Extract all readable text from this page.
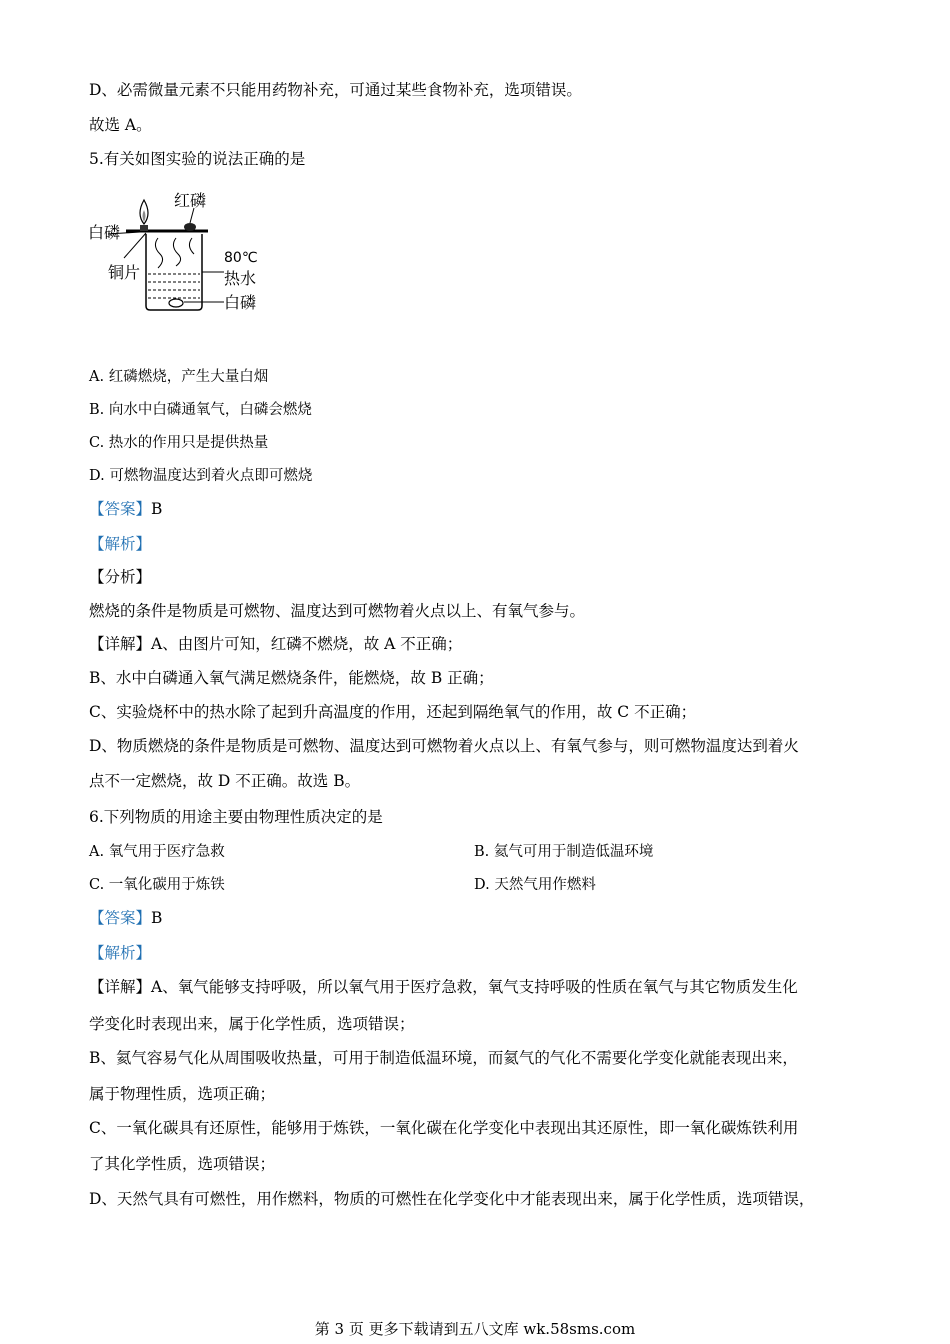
D、必需微量元素不只能用药物补充，可通过某些食物补充，选项错误。
故选 A。
5.有关如图实验的说法正确的是
红磷
白磷
铜片
80℃
热水
白磷
A. 红磷燃烧，产生大量白烟
B. 向水中白磷通氧气，白磷会燃烧
C. 热水的作用只是提供热量
D. 可燃物温度达到着火点即可燃烧
【答案】B
【解析】
【分析】
燃烧的条件是物质是可燃物、温度达到可燃物着火点以上、有氧气参与。
【详解】A、由图片可知，红磷不燃烧，故 A 不正确；
B、水中白磷通入氧气满足燃烧条件，能燃烧，故 B 正确；
C、实验烧杯中的热水除了起到升高温度的作用，还起到隔绝氧气的作用，故 C 不正确；
D、物质燃烧的条件是物质是可燃物、温度达到可燃物着火点以上、有氧气参与，则可燃物温度达到着火
点不一定燃烧，故 D 不正确。故选 B。
6.下列物质的用途主要由物理性质决定的是
A. 氧气用于医疗急救	B. 氦气可用于制造低温环境
C. 一氧化碳用于炼铁	D. 天然气用作燃料
【答案】B
【解析】
【详解】A、氧气能够支持呼吸，所以氧气用于医疗急救，氧气支持呼吸的性质在氧气与其它物质发生化
学变化时表现出来，属于化学性质，选项错误；
B、氦气容易气化从周围吸收热量，可用于制造低温环境，而氦气的气化不需要化学变化就能表现出来，
属于物理性质，选项正确；
C、一氧化碳具有还原性，能够用于炼铁，一氧化碳在化学变化中表现出其还原性，即一氧化碳炼铁利用
了其化学性质，选项错误；
D、天然气具有可燃性，用作燃料，物质的可燃性在化学变化中才能表现出来，属于化学性质，选项错误，
第 3 页 更多下载请到五八文库 wk.58sms.com
